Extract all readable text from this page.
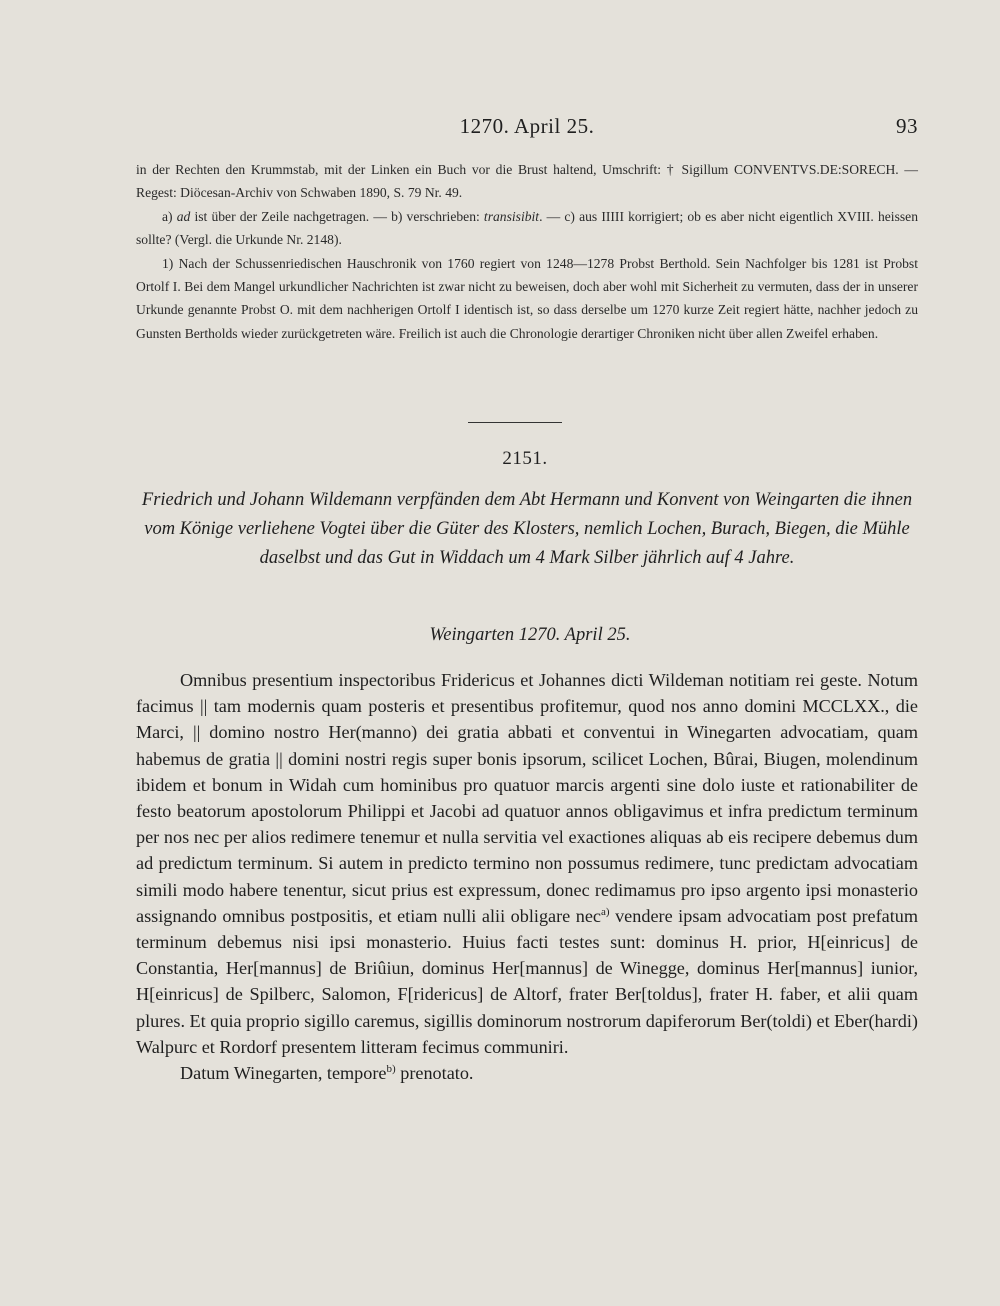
1270. April 25.	93

in der Rechten den Krummstab, mit der Linken ein Buch vor die Brust haltend, Umschrift: † Sigillum CONVENTVS.DE:SORECH. — Regest: Diöcesan-Archiv von Schwaben 1890, S. 79 Nr. 49.

a) ad ist über der Zeile nachgetragen. — b) verschrieben: transisibit. — c) aus IIIII korrigiert; ob es aber nicht eigentlich XVIII. heissen sollte? (Vergl. die Urkunde Nr. 2148).

1) Nach der Schussenriedischen Hauschronik von 1760 regiert von 1248—1278 Probst Berthold. Sein Nachfolger bis 1281 ist Probst Ortolf I. Bei dem Mangel urkundlicher Nachrichten ist zwar nicht zu beweisen, doch aber wohl mit Sicherheit zu vermuten, dass der in unserer Urkunde genannte Probst O. mit dem nachherigen Ortolf I identisch ist, so dass derselbe um 1270 kurze Zeit regiert hätte, nachher jedoch zu Gunsten Bertholds wieder zurückgetreten wäre. Freilich ist auch die Chronologie derartiger Chroniken nicht über allen Zweifel erhaben.

2151.
Friedrich und Johann Wildemann verpfänden dem Abt Hermann und Konvent von Weingarten die ihnen vom Könige verliehene Vogtei über die Güter des Klosters, nemlich Lochen, Burach, Biegen, die Mühle daselbst und das Gut in Widdach um 4 Mark Silber jährlich auf 4 Jahre.
Weingarten 1270. April 25.

Omnibus presentium inspectoribus Fridericus et Johannes dicti Wildeman notitiam rei geste. Notum facimus || tam modernis quam posteris et presentibus profitemur, quod nos anno domini MCCLXX., die Marci, || domino nostro Her(manno) dei gratia abbati et conventui in Winegarten advocatiam, quam habemus de gratia || domini nostri regis super bonis ipsorum, scilicet Lochen, Bûrai, Biugen, molendinum ibidem et bonum in Widah cum hominibus pro quatuor marcis argenti sine dolo iuste et rationabiliter de festo beatorum apostolorum Philippi et Jacobi ad quatuor annos obligavimus et infra predictum terminum per nos nec per alios redimere tenemur et nulla servitia vel exactiones aliquas ab eis recipere debemus dum ad predictum terminum. Si autem in predicto termino non possumus redimere, tunc predictam advocatiam simili modo habere tenentur, sicut prius est expressum, donec redimamus pro ipso argento ipsi monasterio assignando omnibus postpositis, et etiam nulli alii obligare nec$^{a)}$ vendere ipsam advocatiam post prefatum terminum debemus nisi ipsi monasterio. Huius facti testes sunt: dominus H. prior, H[einricus] de Constantia, Her[mannus] de Briûiun, dominus Her[mannus] de Winegge, dominus Her[mannus] iunior, H[einricus] de Spilberc, Salomon, F[ridericus] de Altorf, frater Ber[toldus], frater H. faber, et alii quam plures. Et quia proprio sigillo caremus, sigillis dominorum nostrorum dapiferorum Ber(toldi) et Eber(hardi) Walpurc et Rordorf presentem litteram fecimus communiri.

Datum Winegarten, tempore$^{b)}$ prenotato.
